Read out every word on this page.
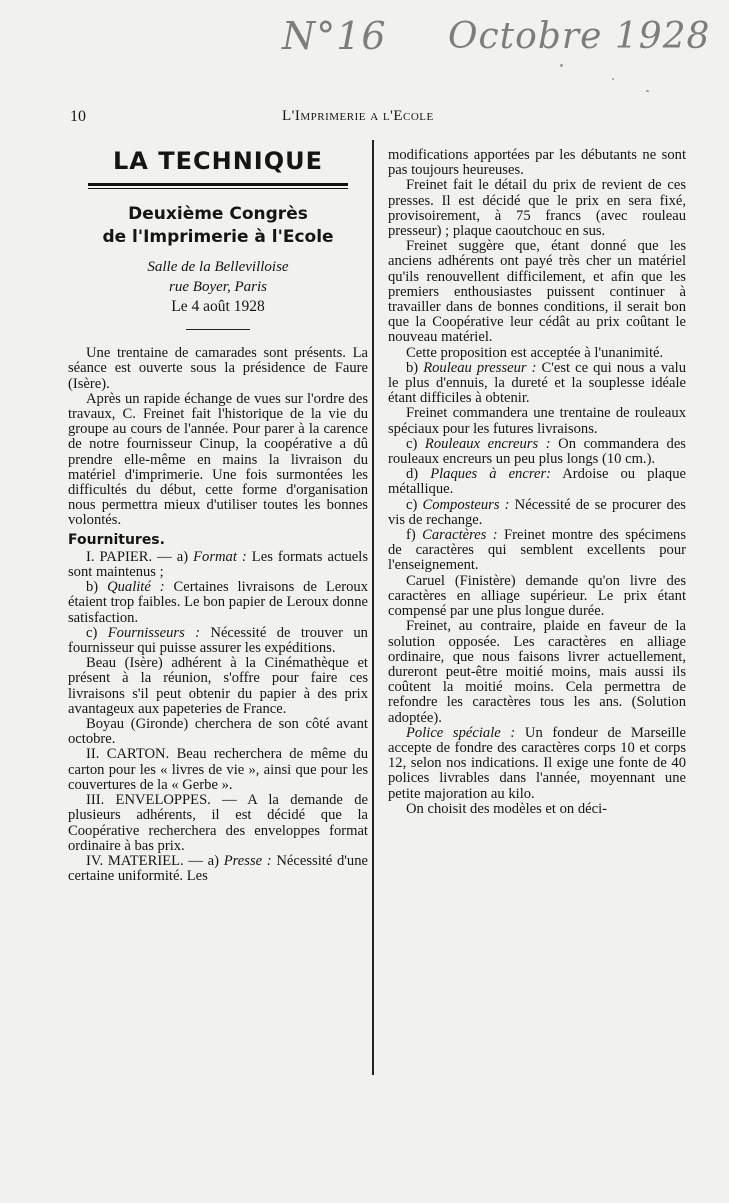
N°16 Octobre 1928
10	L'Imprimerie a l'Ecole
LA TECHNIQUE
Deuxième Congrès
de l'Imprimerie à l'Ecole
Salle de la Bellevilloise
rue Boyer, Paris
Le 4 août 1928

Une trentaine de camarades sont présents. La séance est ouverte sous la présidence de Faure (Isère).

Après un rapide échange de vues sur l'ordre des travaux, C. Freinet fait l'historique de la vie du groupe au cours de l'année. Pour parer à la carence de notre fournisseur Cinup, la coopérative a dû prendre elle-même en mains la livraison du matériel d'imprimerie. Une fois surmontées les difficultés du début, cette forme d'organisation nous permettra mieux d'utiliser toutes les bonnes volontés.

Fournitures.

I. PAPIER. — a) Format : Les formats actuels sont maintenus ;

b) Qualité : Certaines livraisons de Leroux étaient trop faibles. Le bon papier de Leroux donne satisfaction.

c) Fournisseurs : Nécessité de trouver un fournisseur qui puisse assurer les expéditions.

Beau (Isère) adhérent à la Cinémathèque et présent à la réunion, s'offre pour faire ces livraisons s'il peut obtenir du papier à des prix avantageux aux papeteries de France.

Boyau (Gironde) cherchera de son côté avant octobre.

II. CARTON. Beau recherchera de même du carton pour les « livres de vie », ainsi que pour les couvertures de la « Gerbe ».

III. ENVELOPPES. — A la demande de plusieurs adhérents, il est décidé que la Coopérative recherchera des enveloppes format ordinaire à bas prix.

IV. MATERIEL. — a) Presse : Nécessité d'une certaine uniformité. Les

modifications apportées par les débutants ne sont pas toujours heureuses.

Freinet fait le détail du prix de revient de ces presses. Il est décidé que le prix en sera fixé, provisoirement, à 75 francs (avec rouleau presseur) ; plaque caoutchouc en sus.

Freinet suggère que, étant donné que les anciens adhérents ont payé très cher un matériel qu'ils renouvellent difficilement, et afin que les premiers enthousiastes puissent continuer à travailler dans de bonnes conditions, il serait bon que la Coopérative leur cédât au prix coûtant le nouveau matériel.

Cette proposition est acceptée à l'unanimité.

b) Rouleau presseur : C'est ce qui nous a valu le plus d'ennuis, la dureté et la souplesse idéale étant difficiles à obtenir.

Freinet commandera une trentaine de rouleaux spéciaux pour les futures livraisons.

c) Rouleaux encreurs : On commandera des rouleaux encreurs un peu plus longs (10 cm.).

d) Plaques à encrer: Ardoise ou plaque métallique.

c) Composteurs : Nécessité de se procurer des vis de rechange.

f) Caractères : Freinet montre des spécimens de caractères qui semblent excellents pour l'enseignement.

Caruel (Finistère) demande qu'on livre des caractères en alliage supérieur. Le prix étant compensé par une plus longue durée.

Freinet, au contraire, plaide en faveur de la solution opposée. Les caractères en alliage ordinaire, que nous faisons livrer actuellement, dureront peut-être moitié moins, mais aussi ils coûtent la moitié moins. Cela permettra de refondre les caractères tous les ans. (Solution adoptée).

Police spéciale : Un fondeur de Marseille accepte de fondre des caractères corps 10 et corps 12, selon nos indications. Il exige une fonte de 40 polices livrables dans l'année, moyennant une petite majoration au kilo.

On choisit des modèles et on déci-
